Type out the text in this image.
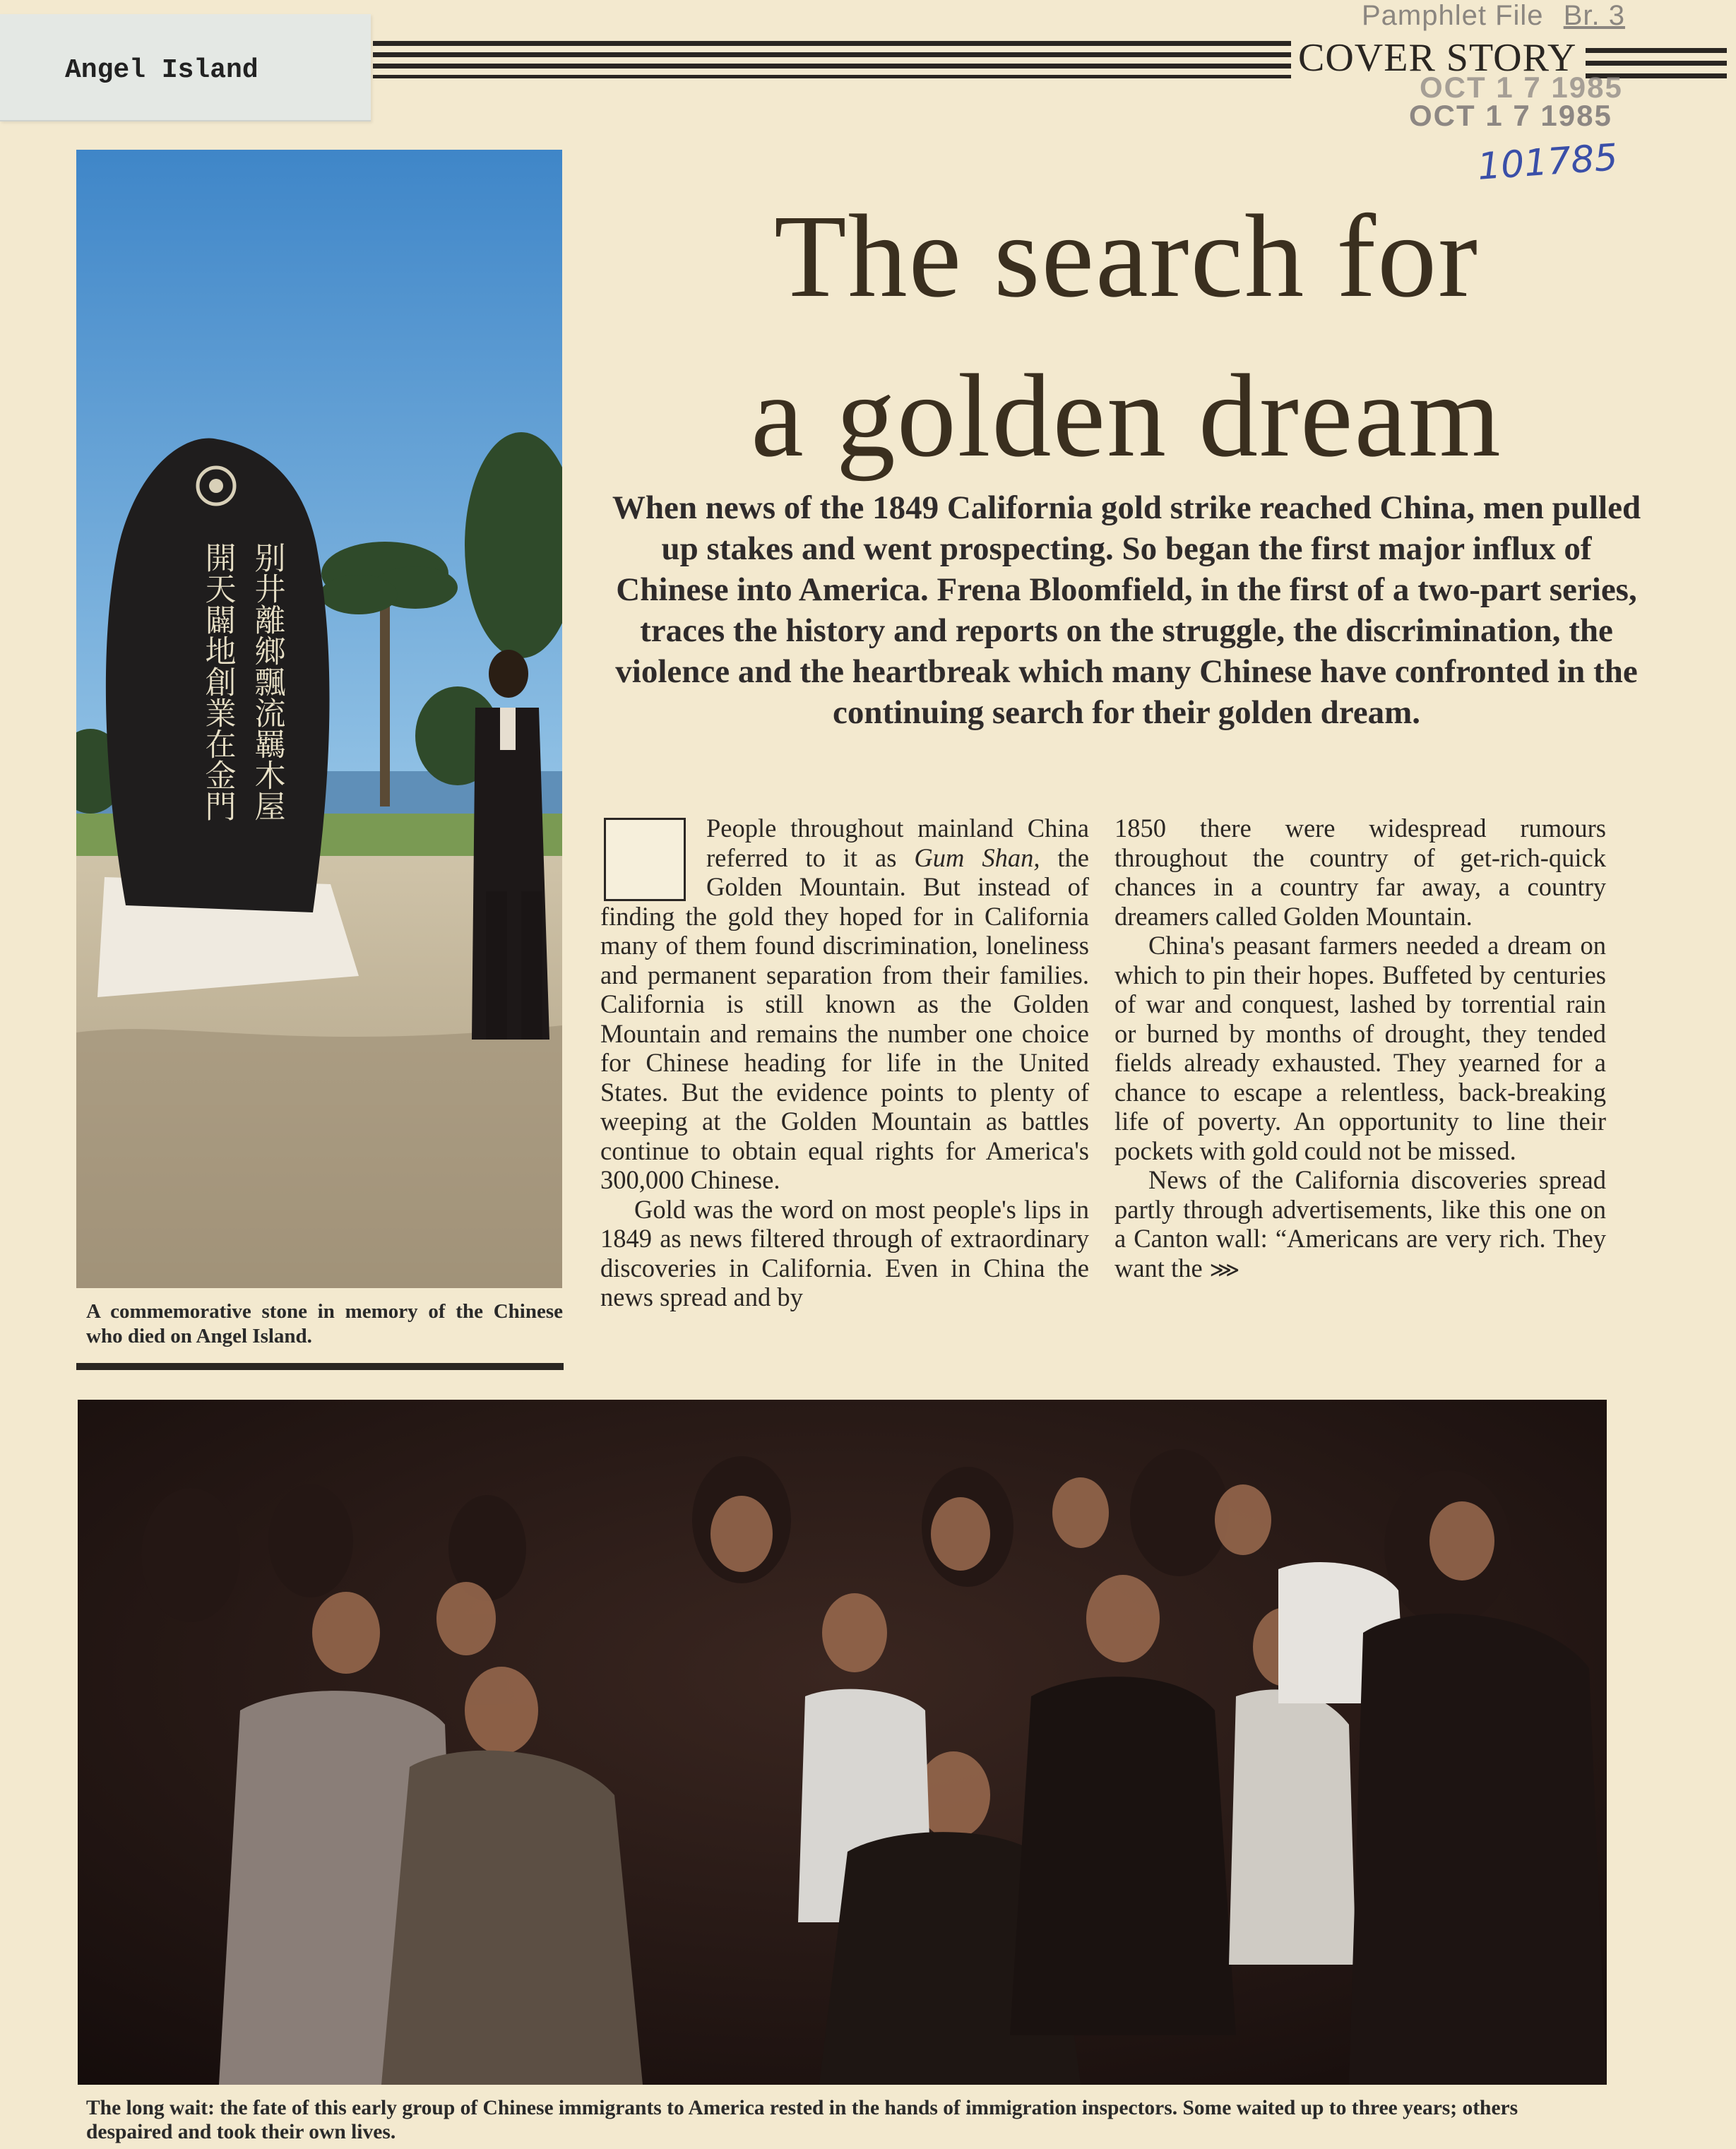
Angel Island	COVER STORY
Pamphlet File Br. 3
OCT 1 7 1985
OCT 1 7 1985
101785
The search for
a golden dream
When news of the 1849 California gold strike reached China, men pulled up stakes and went prospecting. So began the first major influx of Chinese into America. Frena Bloomfield, in the first of a two-part series, traces the history and reports on the struggle, the discrimination, the violence and the heartbreak which many Chinese have confronted in the continuing search for their golden dream.
别井離鄉飄流羈木屋
開天闢地創業在金門
A commemorative stone in memory of the Chinese who died on Angel Island.

People throughout mainland China referred to it as Gum Shan, the Golden Mountain. But instead of finding the gold they hoped for in California many of them found discrimination, loneliness and permanent separation from their families. California is still known as the Golden Mountain and remains the number one choice for Chinese heading for life in the United States. But the evidence points to plenty of weeping at the Golden Mountain as battles continue to obtain equal rights for America's 300,000 Chinese.

Gold was the word on most people's lips in 1849 as news filtered through of extraordinary discoveries in California. Even in China the news spread and by

1850 there were widespread rumours throughout the country of get-rich-quick chances in a country far away, a country dreamers called Golden Mountain.

China's peasant farmers needed a dream on which to pin their hopes. Buffeted by centuries of war and conquest, lashed by torrential rain or burned by months of drought, they tended fields already exhausted. They yearned for a chance to escape a relentless, back-breaking life of poverty. An opportunity to line their pockets with gold could not be missed.

News of the California discoveries spread partly through advertisements, like this one on a Canton wall: “Americans are very rich. They want the ⋙

The long wait: the fate of this early group of Chinese immigrants to America rested in the hands of immigration inspectors. Some waited up to three years; others despaired and took their own lives.
